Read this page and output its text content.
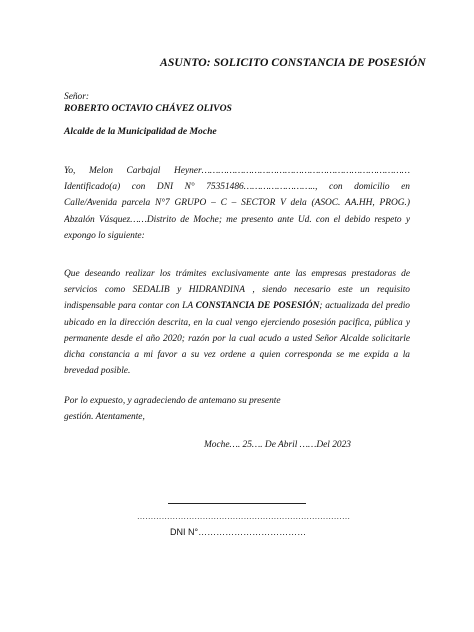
ASUNTO: SOLICITO CONSTANCIA DE POSESIÓN
Señor:
ROBERTO OCTAVIO CHÁVEZ OLIVOS
Alcalde de la Municipalidad de Moche
Yo, Melon Carbajal Heyner…………………………………………………………………
Identificado(a) con DNI N° 75351486…………………….., con domicilio en
Calle/Avenida parcela N°7 GRUPO – C – SECTOR V dela (ASOC. AA.HH, PROG.)
Abzalón Vásquez……Distrito de Moche; me presento ante Ud. con el debido respeto y
expongo lo siguiente:
Que deseando realizar los trámites exclusivamente ante las empresas prestadoras de
servicios como SEDALIB y HIDRANDINA , siendo necesario este un requisito
indispensable para contar con LA CONSTANCIA DE POSESIÓN; actualizada del predio
ubicado en la dirección descrita, en la cual vengo ejerciendo posesión pacifica, pública y
permanente desde el año 2020; razón por la cual acudo a usted Señor Alcalde solicitarle
dicha constancia a mi favor a su vez ordene a quien corresponda se me expida a la
brevedad posible.
Por lo expuesto, y agradeciendo de antemano su presente
gestión. Atentamente,
Moche…. 25…. De Abril ……Del 2023
……………………………………………………………………
DNI N°………………………………
